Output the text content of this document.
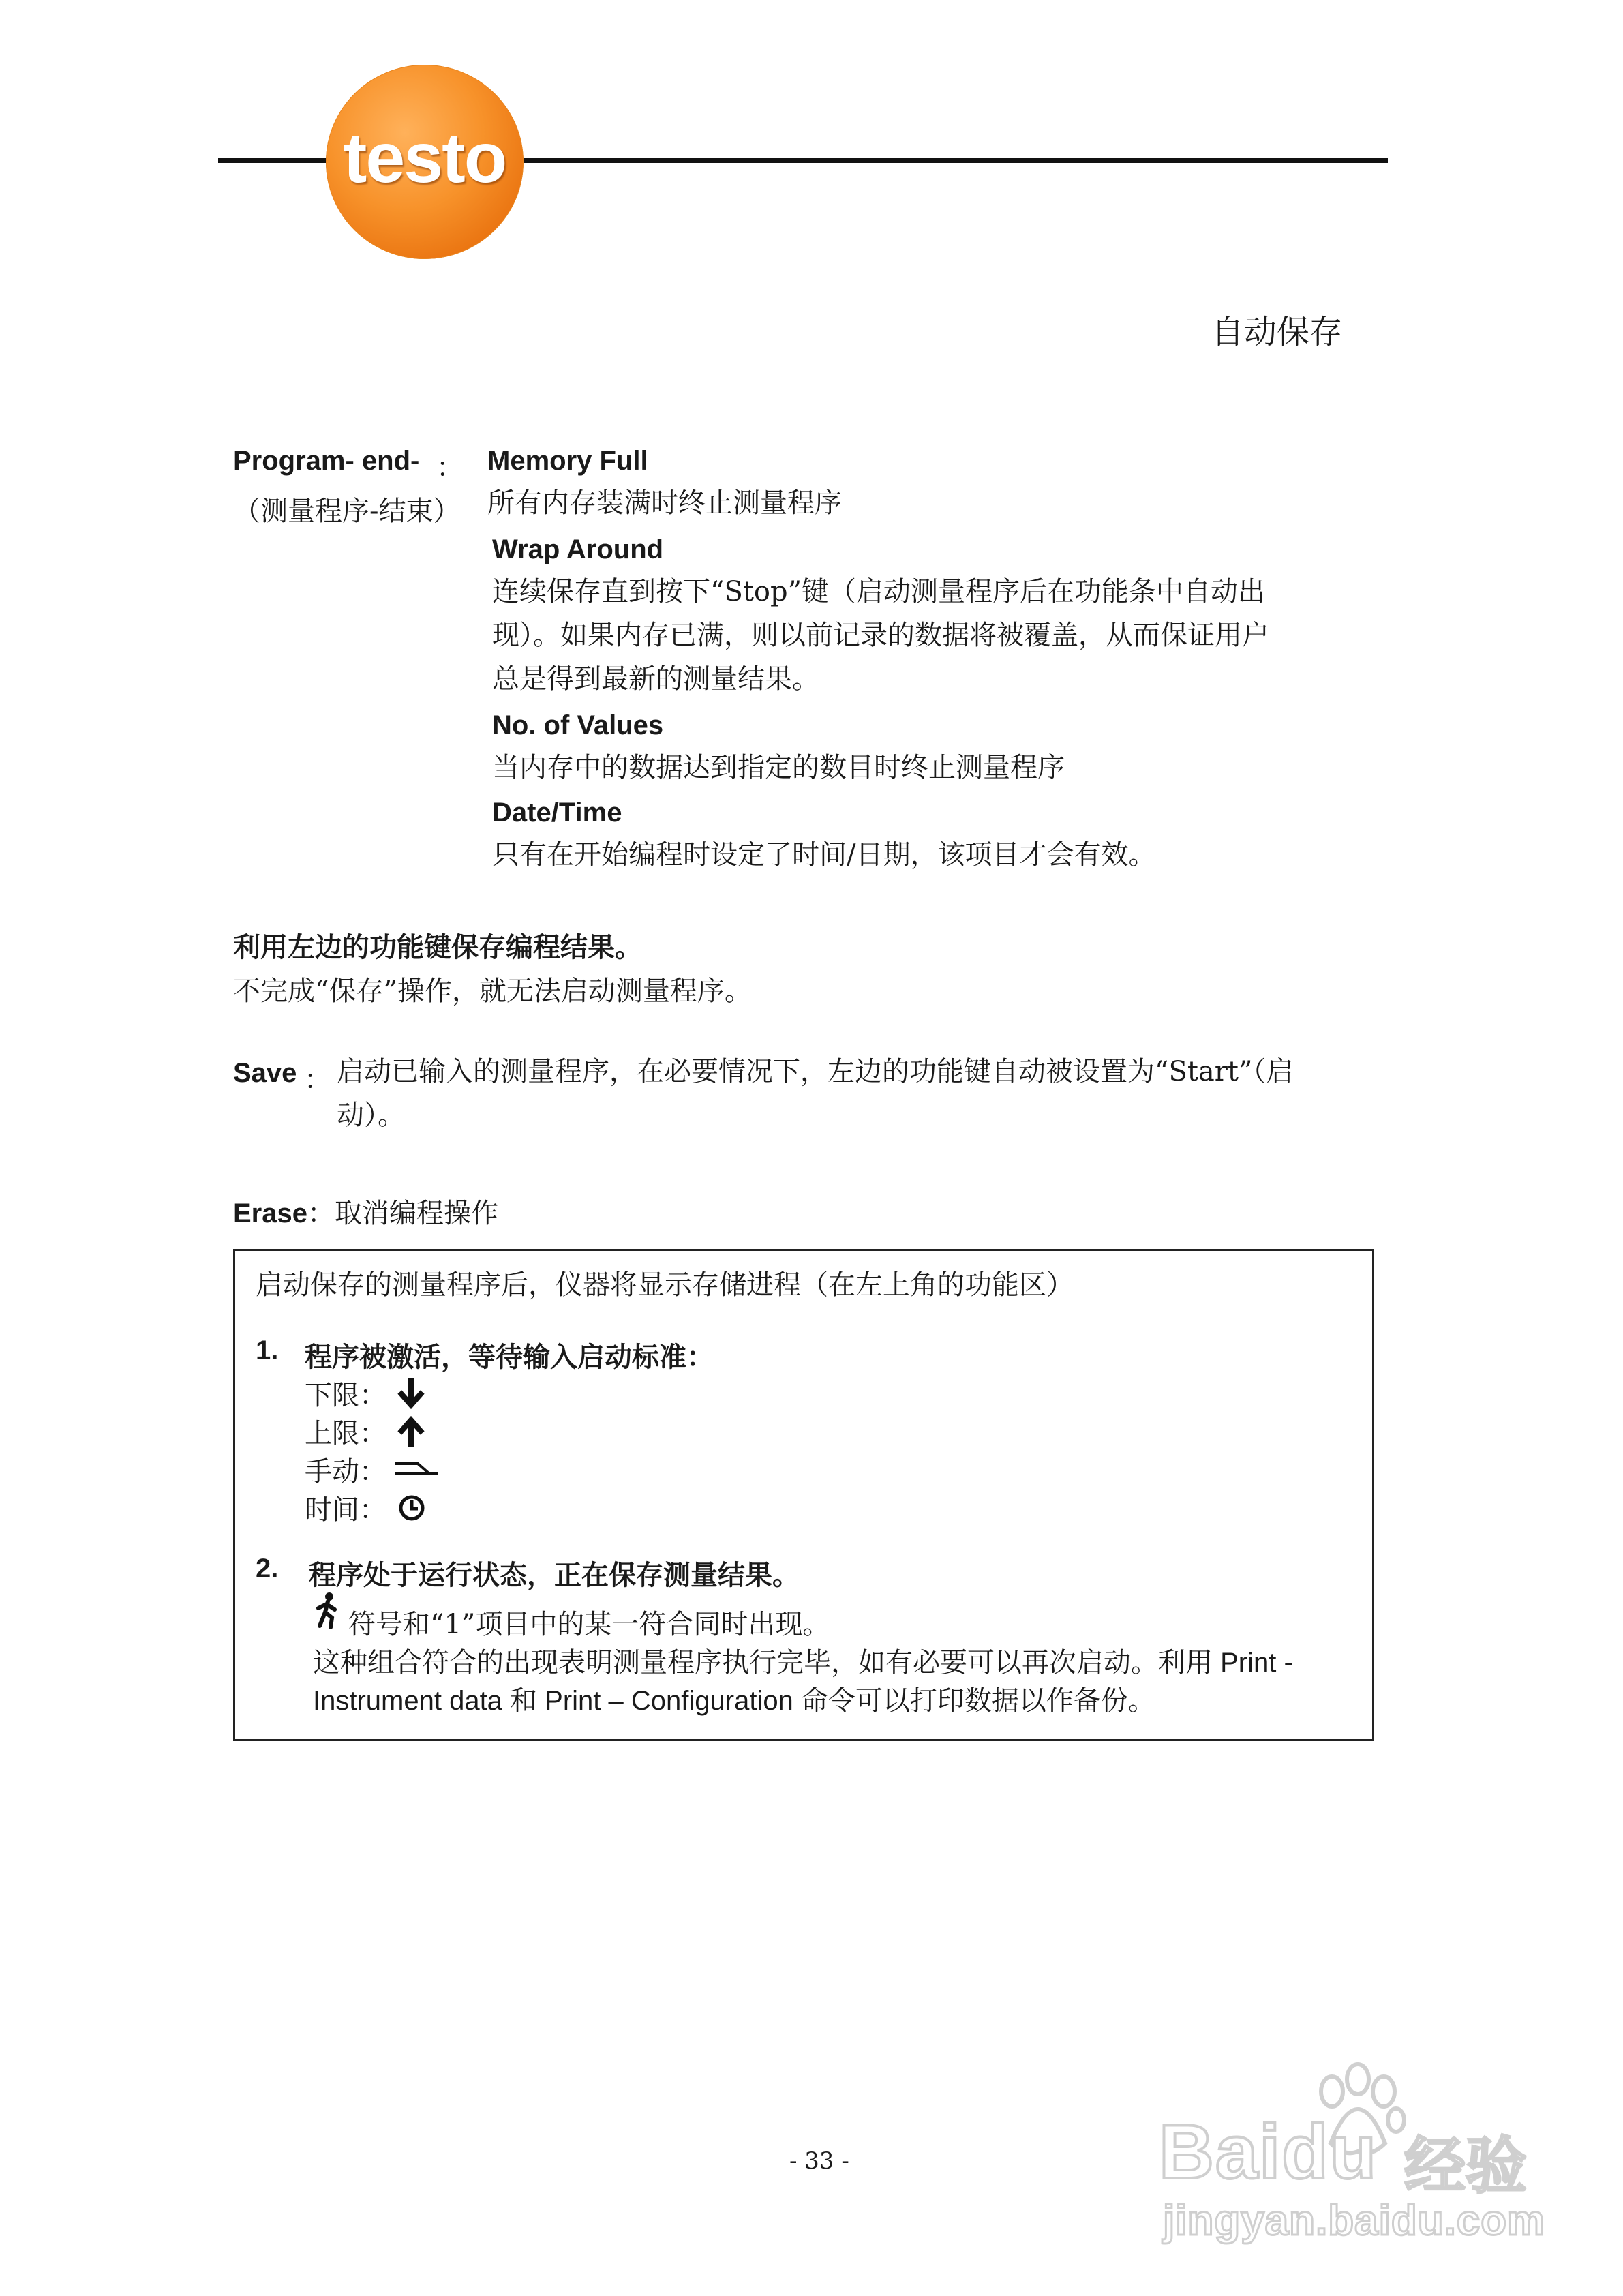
testo
自动保存
Program- end- ：
（测量程序-结束）
Memory Full
所有内存装满时终止测量程序
Wrap Around
连续保存直到按下“Stop”键（启动测量程序后在功能条中自动出
现）。如果内存已满，则以前记录的数据将被覆盖，从而保证用户
总是得到最新的测量结果。
No. of Values
当内存中的数据达到指定的数目时终止测量程序
Date/Time
只有在开始编程时设定了时间/日期，该项目才会有效。
利用左边的功能键保存编程结果。
不完成“保存”操作，就无法启动测量程序。
Save ： 启动已输入的测量程序，在必要情况下，左边的功能键自动被设置为“Start”（启
动）。
Erase：取消编程操作
启动保存的测量程序后，仪器将显示存储进程（在左上角的功能区）
1. 程序被激活，等待输入启动标准：
下限：
上限：
手动：
时间：
2. 程序处于运行状态，正在保存测量结果。
符号和“1”项目中的某一符合同时出现。
这种组合符合的出现表明测量程序执行完毕，如有必要可以再次启动。利用 Print -
Instrument data 和 Print – Configuration 命令可以打印数据以作备份。
- 33 -	Baidu 经验
jingyan.baidu.com
